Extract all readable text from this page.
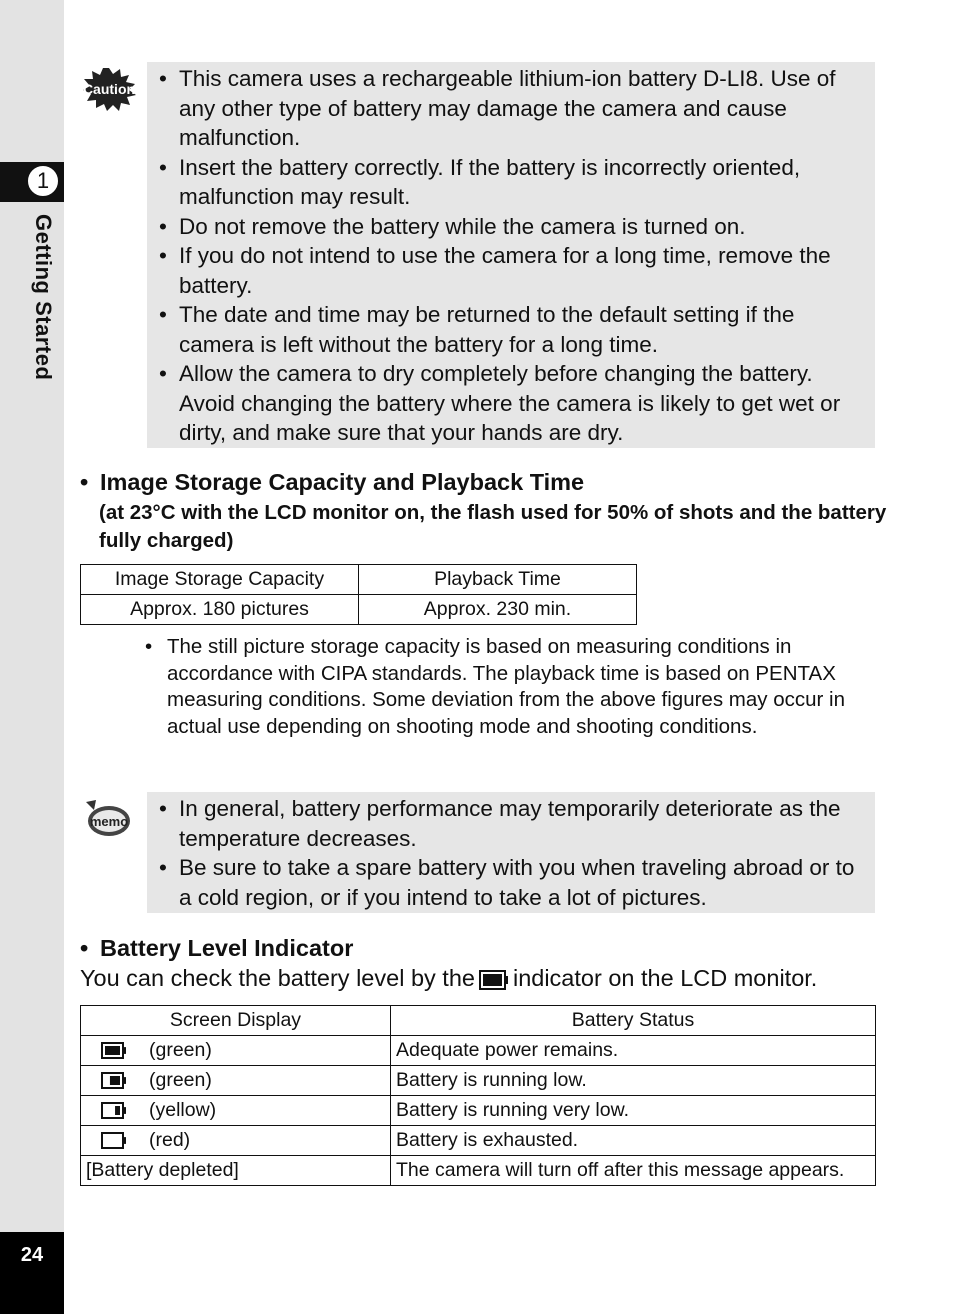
1
Getting Started
24
Caution	• This camera uses a rechargeable lithium-ion battery D-LI8. Use of any other type of battery may damage the camera and cause malfunction.
• Insert the battery correctly. If the battery is incorrectly oriented, malfunction may result.
• Do not remove the battery while the camera is turned on.
• If you do not intend to use the camera for a long time, remove the battery.
• The date and time may be returned to the default setting if the camera is left without the battery for a long time.
• Allow the camera to dry completely before changing the battery. Avoid changing the battery where the camera is likely to get wet or dirty, and make sure that your hands are dry.
• Image Storage Capacity and Playback Time
(at 23°C with the LCD monitor on, the flash used for 50% of shots and the battery fully charged)
Image Storage Capacity	Playback Time
Approx. 180 pictures	Approx. 230 min.
• The still picture storage capacity is based on measuring conditions in accordance with CIPA standards. The playback time is based on PENTAX measuring conditions. Some deviation from the above figures may occur in actual use depending on shooting mode and shooting conditions.
memo
• In general, battery performance may temporarily deteriorate as the temperature decreases.
• Be sure to take a spare battery with you when traveling abroad or to a cold region, or if you intend to take a lot of pictures.
• Battery Level Indicator
You can check the battery level by the indicator on the LCD monitor.
Screen Display	Battery Status
(green)	Adequate power remains.
(green)	Battery is running low.
(yellow)	Battery is running very low.
(red)	Battery is exhausted.
[Battery depleted]	The camera will turn off after this message appears.
